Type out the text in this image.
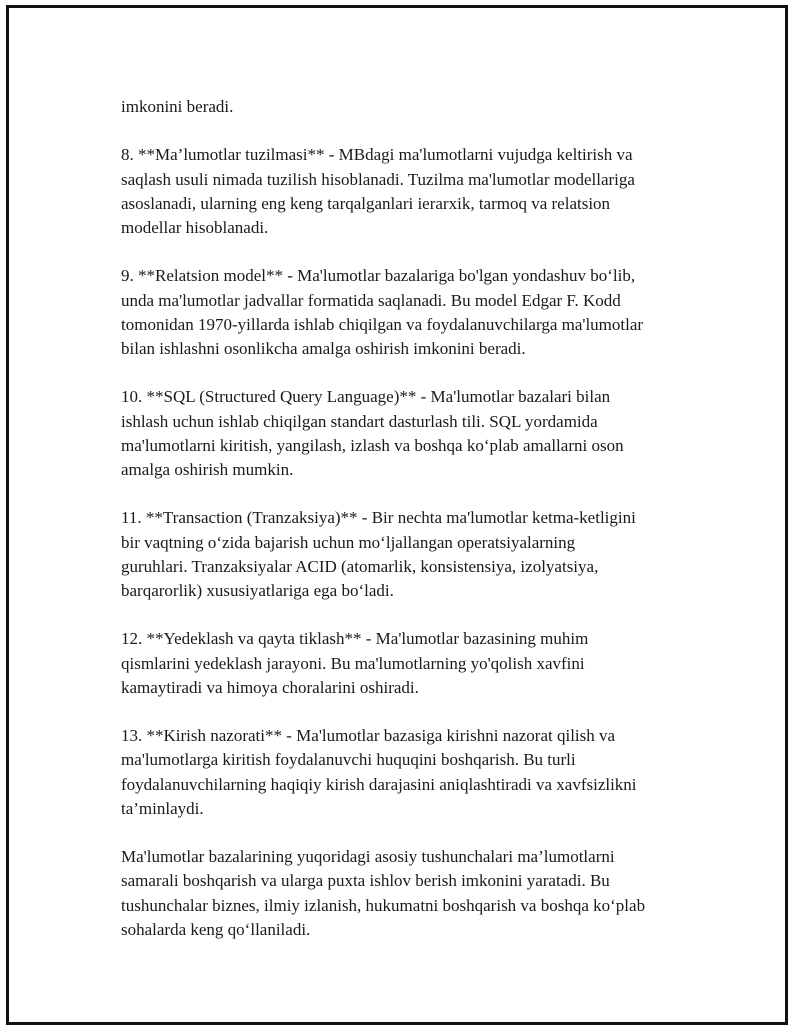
imkonini beradi.

8. **Ma’lumotlar tuzilmasi** - MBdagi ma'lumotlarni vujudga keltirish va
saqlash usuli nimada tuzilish hisoblanadi. Tuzilma ma'lumotlar modellariga
asoslanadi, ularning eng keng tarqalganlari ierarxik, tarmoq va relatsion
modellar hisoblanadi.

9. **Relatsion model** - Ma'lumotlar bazalariga bo'lgan yondashuv bo‘lib,
unda ma'lumotlar jadvallar formatida saqlanadi. Bu model Edgar F. Kodd
tomonidan 1970-yillarda ishlab chiqilgan va foydalanuvchilarga ma'lumotlar
bilan ishlashni osonlikcha amalga oshirish imkonini beradi.

10. **SQL (Structured Query Language)** - Ma'lumotlar bazalari bilan
ishlash uchun ishlab chiqilgan standart dasturlash tili. SQL yordamida
ma'lumotlarni kiritish, yangilash, izlash va boshqa ko‘plab amallarni oson
amalga oshirish mumkin.

11. **Transaction (Tranzaksiya)** - Bir nechta ma'lumotlar ketma-ketligini
bir vaqtning o‘zida bajarish uchun mo‘ljallangan operatsiyalarning
guruhlari. Tranzaksiyalar ACID (atomarlik, konsistensiya, izolyatsiya,
barqarorlik) xususiyatlariga ega bo‘ladi.

12. **Yedeklash va qayta tiklash** - Ma'lumotlar bazasining muhim
qismlarini yedeklash jarayoni. Bu ma'lumotlarning yo'qolish xavfini
kamaytiradi va himoya choralarini oshiradi.

13. **Kirish nazorati** - Ma'lumotlar bazasiga kirishni nazorat qilish va
ma'lumotlarga kiritish foydalanuvchi huquqini boshqarish. Bu turli
foydalanuvchilarning haqiqiy kirish darajasini aniqlashtiradi va xavfsizlikni
ta’minlaydi.

Ma'lumotlar bazalarining yuqoridagi asosiy tushunchalari ma’lumotlarni
samarali boshqarish va ularga puxta ishlov berish imkonini yaratadi. Bu
tushunchalar biznes, ilmiy izlanish, hukumatni boshqarish va boshqa ko‘plab
sohalarda keng qo‘llaniladi.
